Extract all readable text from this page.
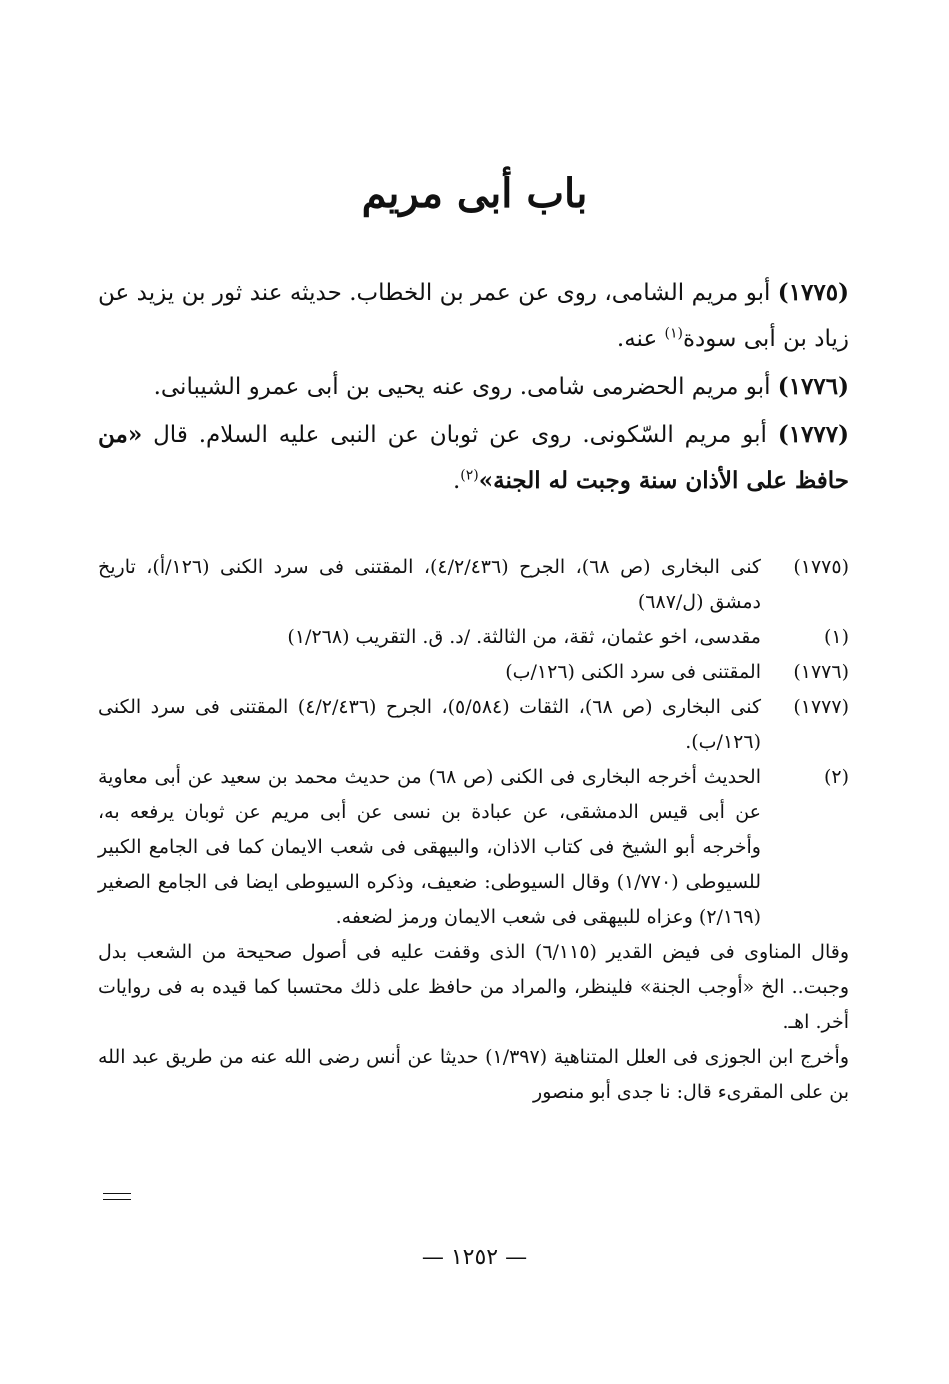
باب أبى مريم

(١٧٧٥) أبو مريم الشامى، روى عن عمر بن الخطاب. حديثه عند ثور بن يزيد عن زياد بن أبى سودة$^{(١)}$ عنه.

(١٧٧٦) أبو مريم الحضرمى شامى. روى عنه يحيى بن أبى عمرو الشيبانى.

(١٧٧٧) أبو مريم السّكونى. روى عن ثوبان عن النبى عليه السلام. قال «من حافظ على الأذان سنة وجبت له الجنة»$^{(٢)}$.

(١٧٧٥)
كنى البخارى (ص ٦٨)، الجرح (٤/٢/٤٣٦)، المقتنى فى سرد الكنى (١٢٦/أ)، تاريخ دمشق (ل/٦٨٧)
(١)
مقدسى، اخو عثمان، ثقة، من الثالثة. /د. ق. التقريب (١/٢٦٨)
(١٧٧٦)
المقتنى فى سرد الكنى (١٢٦/ب)
(١٧٧٧)
كنى البخارى (ص ٦٨)، الثقات (٥/٥٨٤)، الجرح (٤/٢/٤٣٦) المقتنى فى سرد الكنى (١٢٦/ب).
(٢)
الحديث أخرجه البخارى فى الكنى (ص ٦٨) من حديث محمد بن سعيد عن أبى معاوية عن أبى قيس الدمشقى، عن عبادة بن نسى عن أبى مريم عن ثوبان يرفعه به، وأخرجه أبو الشيخ فى كتاب الاذان، والبيهقى فى شعب الايمان كما فى الجامع الكبير للسيوطى (١/٧٧٠) وقال السيوطى: ضعيف، وذكره السيوطى ايضا فى الجامع الصغير (٢/١٦٩) وعزاه للبيهقى فى شعب الايمان ورمز لضعفه.

وقال المناوى فى فيض القدير (٦/١١٥) الذى وقفت عليه فى أصول صحيحة من الشعب بدل وجبت.. الخ «أوجب الجنة» فلينظر، والمراد من حافظ على ذلك محتسبا كما قيده به فى روايات أخر. اهـ.

وأخرج ابن الجوزى فى العلل المتناهية (١/٣٩٧) حديثا عن أنس رضى الله عنه من طريق عبد الله بن على المقرىء قال: نا جدى أبو منصور

— ١٢٥٢ —
